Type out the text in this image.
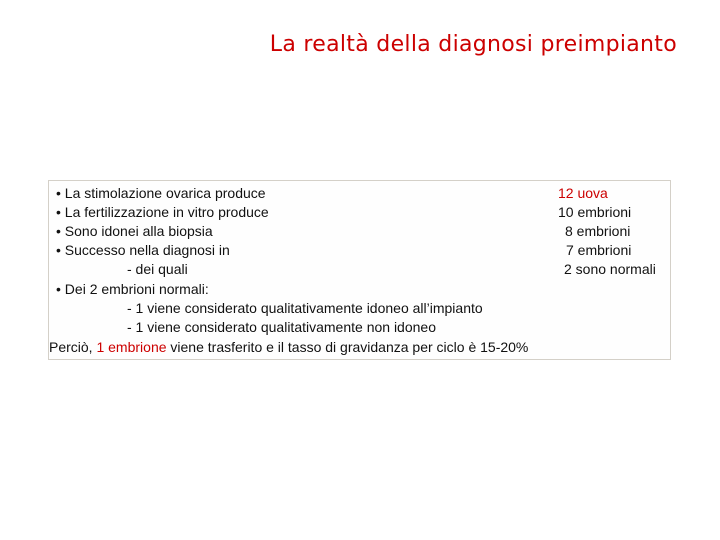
La realtà della diagnosi preimpianto
• La stimolazione ovarica produce	12 uova
• La fertilizzazione in vitro produce	10 embrioni
• Sono idonei alla biopsia	8 embrioni
• Successo nella diagnosi in	7 embrioni
- dei quali	2 sono normali
• Dei 2 embrioni normali:
- 1 viene considerato qualitativamente idoneo all’impianto
- 1 viene considerato qualitativamente non idoneo
Perciò, 1 embrione viene trasferito e il tasso di gravidanza per ciclo è 15-20%
